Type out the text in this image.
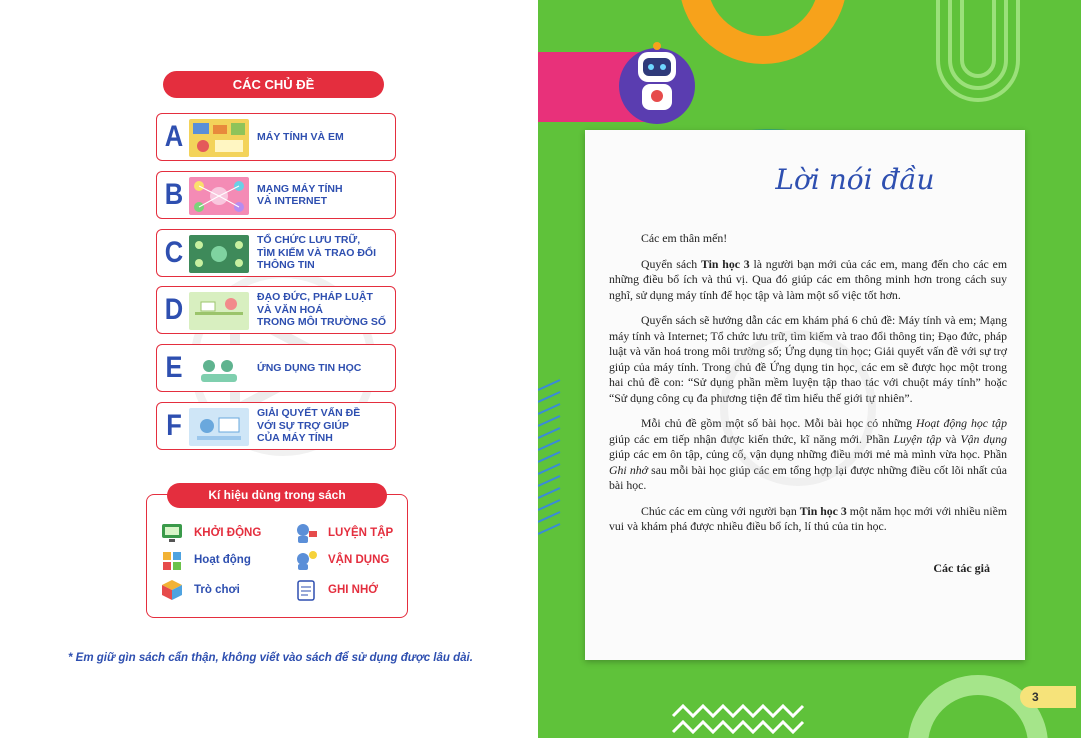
CÁC CHỦ ĐỀ
A	MÁY TÍNH VÀ EM
B	MẠNG MÁY TÍNH
VÀ INTERNET
C	TỔ CHỨC LƯU TRỮ,
TÌM KIẾM VÀ TRAO ĐỔI
THÔNG TIN
D	ĐẠO ĐỨC, PHÁP LUẬT
VÀ VĂN HOÁ
TRONG MÔI TRƯỜNG SỐ
E	ỨNG DỤNG TIN HỌC
F	GIẢI QUYẾT VẤN ĐỀ
VỚI SỰ TRỢ GIÚP
CỦA MÁY TÍNH
Kí hiệu dùng trong sách
KHỞI ĐỘNG
Hoạt động
Trò chơi
LUYỆN TẬP
VẬN DỤNG
GHI NHỚ
* Em giữ gìn sách cẩn thận, không viết vào sách để sử dụng được lâu dài.
Lời nói đầu

Các em thân mến!

Quyển sách Tin học 3 là người bạn mới của các em, mang đến cho các em những điều bổ ích và thú vị. Qua đó giúp các em thông minh hơn trong cách suy nghĩ, sử dụng máy tính để học tập và làm một số việc tốt hơn.

Quyển sách sẽ hướng dẫn các em khám phá 6 chủ đề: Máy tính và em; Mạng máy tính và Internet; Tổ chức lưu trữ, tìm kiếm và trao đổi thông tin; Đạo đức, pháp luật và văn hoá trong môi trường số; Ứng dụng tin học; Giải quyết vấn đề với sự trợ giúp của máy tính. Trong chủ đề Ứng dụng tin học, các em sẽ được học một trong hai chủ đề con: “Sử dụng phần mềm luyện tập thao tác với chuột máy tính” hoặc “Sử dụng công cụ đa phương tiện để tìm hiểu thế giới tự nhiên”.

Mỗi chủ đề gồm một số bài học. Mỗi bài học có những Hoạt động học tập giúp các em tiếp nhận được kiến thức, kĩ năng mới. Phần Luyện tập và Vận dụng giúp các em ôn tập, củng cố, vận dụng những điều mới mẻ mà mình vừa học. Phần Ghi nhớ sau mỗi bài học giúp các em tổng hợp lại được những điều cốt lõi nhất của bài học.

Chúc các em cùng với người bạn Tin học 3 một năm học mới với nhiều niềm vui và khám phá được nhiều điều bổ ích, lí thú của tin học.

Các tác giả
3
